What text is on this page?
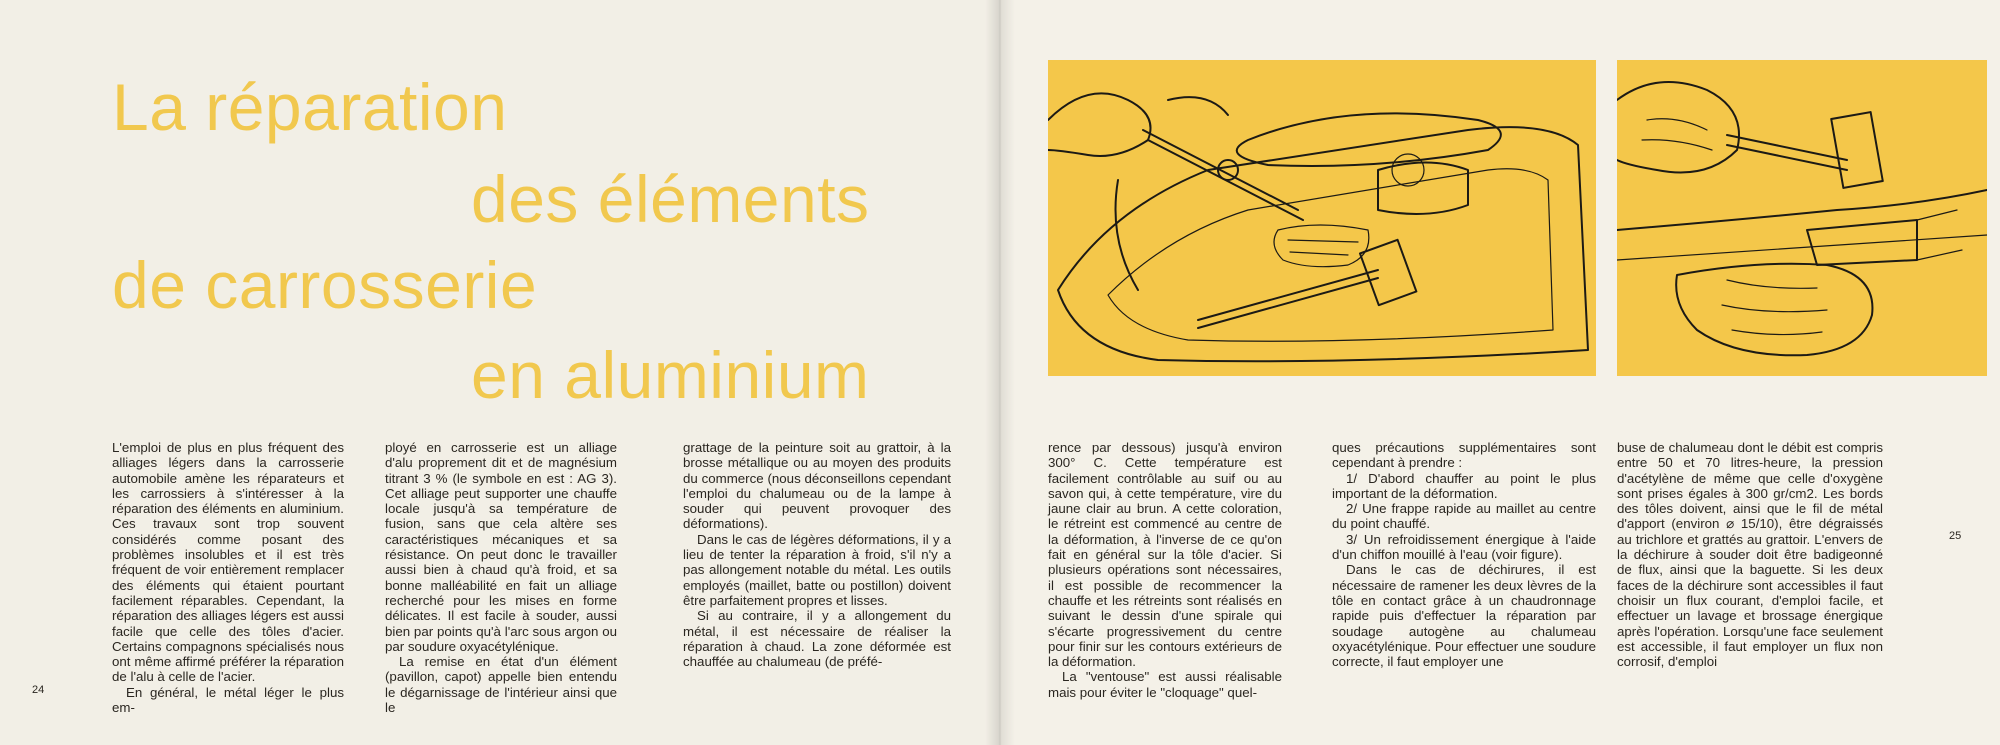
La réparation
des éléments
de carrosserie
en aluminium

L'emploi de plus en plus fréquent des alliages légers dans la carrosserie automobile amène les réparateurs et les carrossiers à s'intéresser à la réparation des éléments en aluminium. Ces travaux sont trop souvent considérés comme posant des problèmes insolubles et il est très fréquent de voir entièrement remplacer des éléments qui étaient pourtant facilement réparables. Cependant, la réparation des alliages légers est aussi facile que celle des tôles d'acier. Certains compagnons spécialisés nous ont même affirmé préférer la réparation de l'alu à celle de l'acier.

En général, le métal léger le plus em-

ployé en carrosserie est un alliage d'alu proprement dit et de magnésium titrant 3 % (le symbole en est : AG 3). Cet alliage peut supporter une chauffe locale jusqu'à sa température de fusion, sans que cela altère ses caractéristiques mécaniques et sa résistance. On peut donc le travailler aussi bien à chaud qu'à froid, et sa bonne malléabilité en fait un alliage recherché pour les mises en forme délicates. Il est facile à souder, aussi bien par points qu'à l'arc sous argon ou par soudure oxyacétylénique.

La remise en état d'un élément (pavillon, capot) appelle bien entendu le dégarnissage de l'intérieur ainsi que le

grattage de la peinture soit au grattoir, à la brosse métallique ou au moyen des produits du commerce (nous déconseillons cependant l'emploi du chalumeau ou de la lampe à souder qui peuvent provoquer des déformations).

Dans le cas de légères déformations, il y a lieu de tenter la réparation à froid, s'il n'y a pas allongement notable du métal. Les outils employés (maillet, batte ou postillon) doivent être parfaitement propres et lisses.

Si au contraire, il y a allongement du métal, il est nécessaire de réaliser la réparation à chaud. La zone déformée est chauffée au chalumeau (de préfé-

24

rence par dessous) jusqu'à environ 300° C. Cette température est facilement contrôlable au suif ou au savon qui, à cette température, vire du jaune clair au brun. A cette coloration, le rétreint est commencé au centre de la déformation, à l'inverse de ce qu'on fait en général sur la tôle d'acier. Si plusieurs opérations sont nécessaires, il est possible de recommencer la chauffe et les rétreints sont réalisés en suivant le dessin d'une spirale qui s'écarte progressivement du centre pour finir sur les contours extérieurs de la déformation.

La "ventouse" est aussi réalisable mais pour éviter le "cloquage" quel-

ques précautions supplémentaires sont cependant à prendre :

1/ D'abord chauffer au point le plus important de la déformation.

2/ Une frappe rapide au maillet au centre du point chauffé.

3/ Un refroidissement énergique à l'aide d'un chiffon mouillé à l'eau (voir figure).

Dans le cas de déchirures, il est nécessaire de ramener les deux lèvres de la tôle en contact grâce à un chaudronnage rapide puis d'effectuer la réparation par soudage autogène au chalumeau oxyacétylénique. Pour effectuer une soudure correcte, il faut employer une

buse de chalumeau dont le débit est compris entre 50 et 70 litres-heure, la pression d'acétylène de même que celle d'oxygène sont prises égales à 300 gr/cm2. Les bords des tôles doivent, ainsi que le fil de métal d'apport (environ ⌀ 15/10), être dégraissés au trichlore et grattés au grattoir. L'envers de la déchirure à souder doit être badigeonné de flux, ainsi que la baguette. Si les deux faces de la déchirure sont accessibles il faut choisir un flux courant, d'emploi facile, et effectuer un lavage et brossage énergique après l'opération. Lorsqu'une face seulement est accessible, il faut employer un flux non corrosif, d'emploi

25
